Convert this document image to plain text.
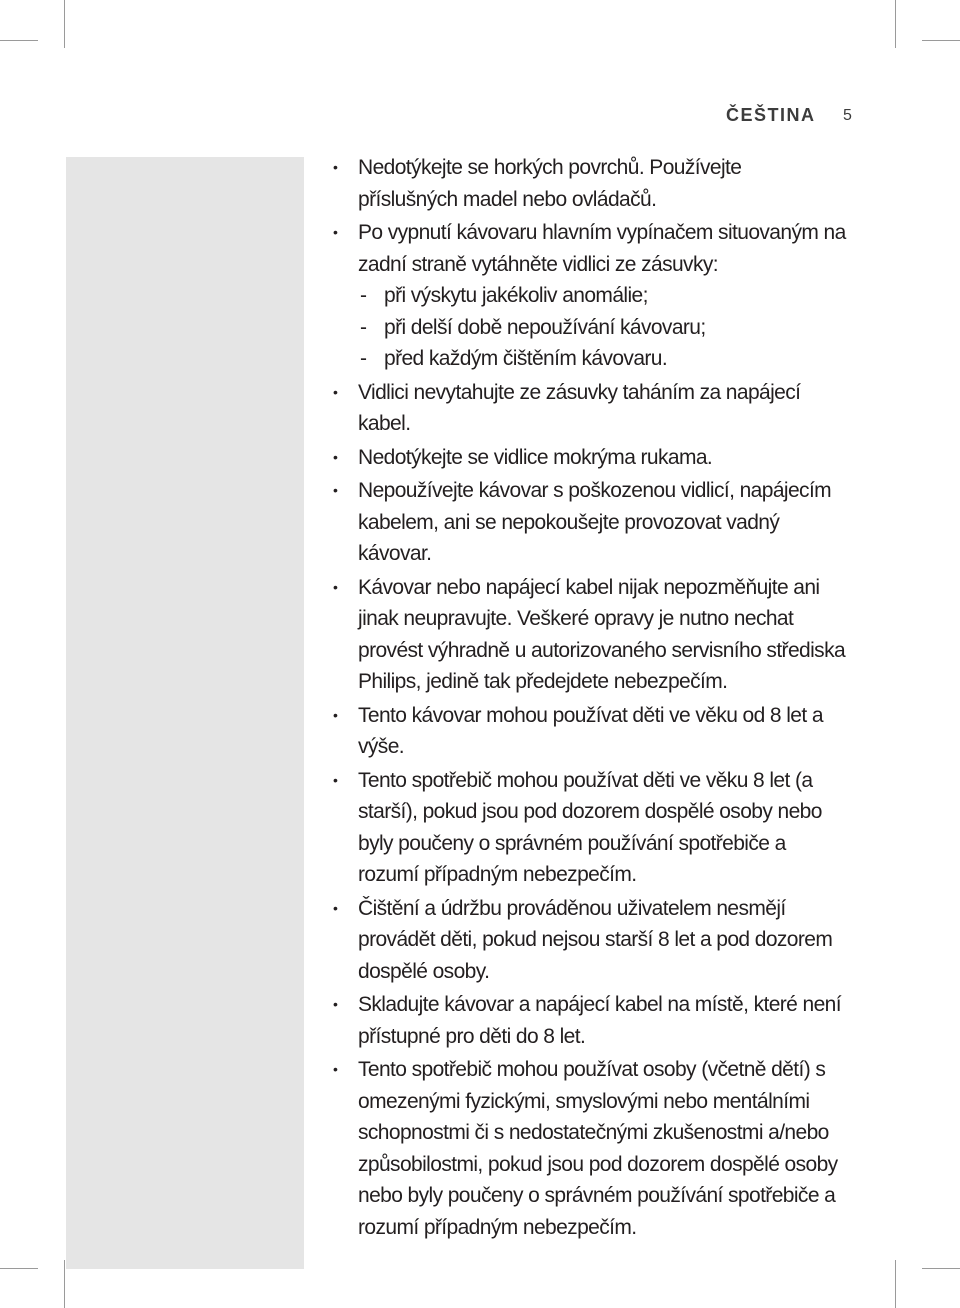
ČEŠTINA 5
• Nedotýkejte se horkých povrchů. Používejte příslušných madel nebo ovládačů.
• Po vypnutí kávovaru hlavním vypínačem situovaným na zadní straně vytáhněte vidlici ze zásuvky:
- při výskytu jakékoliv anomálie;
- při delší době nepoužívání kávovaru;
- před každým čištěním kávovaru.
• Vidlici nevytahujte ze zásuvky taháním za napájecí kabel.
• Nedotýkejte se vidlice mokrýma rukama.
• Nepoužívejte kávovar s poškozenou vidlicí, napájecím kabelem, ani se nepokoušejte provozovat vadný kávovar.
• Kávovar nebo napájecí kabel nijak nepozměňujte ani jinak neupravujte. Veškeré opravy je nutno nechat provést výhradně u autorizovaného servisního střediska Philips, jedině tak předejdete nebezpečím.
• Tento kávovar mohou používat děti ve věku od 8 let a výše.
• Tento spotřebič mohou používat děti ve věku 8 let (a starší), pokud jsou pod dozorem dospělé osoby nebo byly poučeny o správném používání spotřebiče a rozumí případným nebezpečím.
• Čištění a údržbu prováděnou uživatelem nesmějí provádět děti, pokud nejsou starší 8 let a pod dozorem dospělé osoby.
• Skladujte kávovar a napájecí kabel na místě, které není přístupné pro děti do 8 let.
• Tento spotřebič mohou používat osoby (včetně dětí) s omezenými fyzickými, smyslovými nebo mentálními schopnostmi či s nedostatečnými zkušenostmi a/nebo způsobilostmi, pokud jsou pod dozorem dospělé osoby nebo byly poučeny o správném používání spotřebiče a rozumí případným nebezpečím.
